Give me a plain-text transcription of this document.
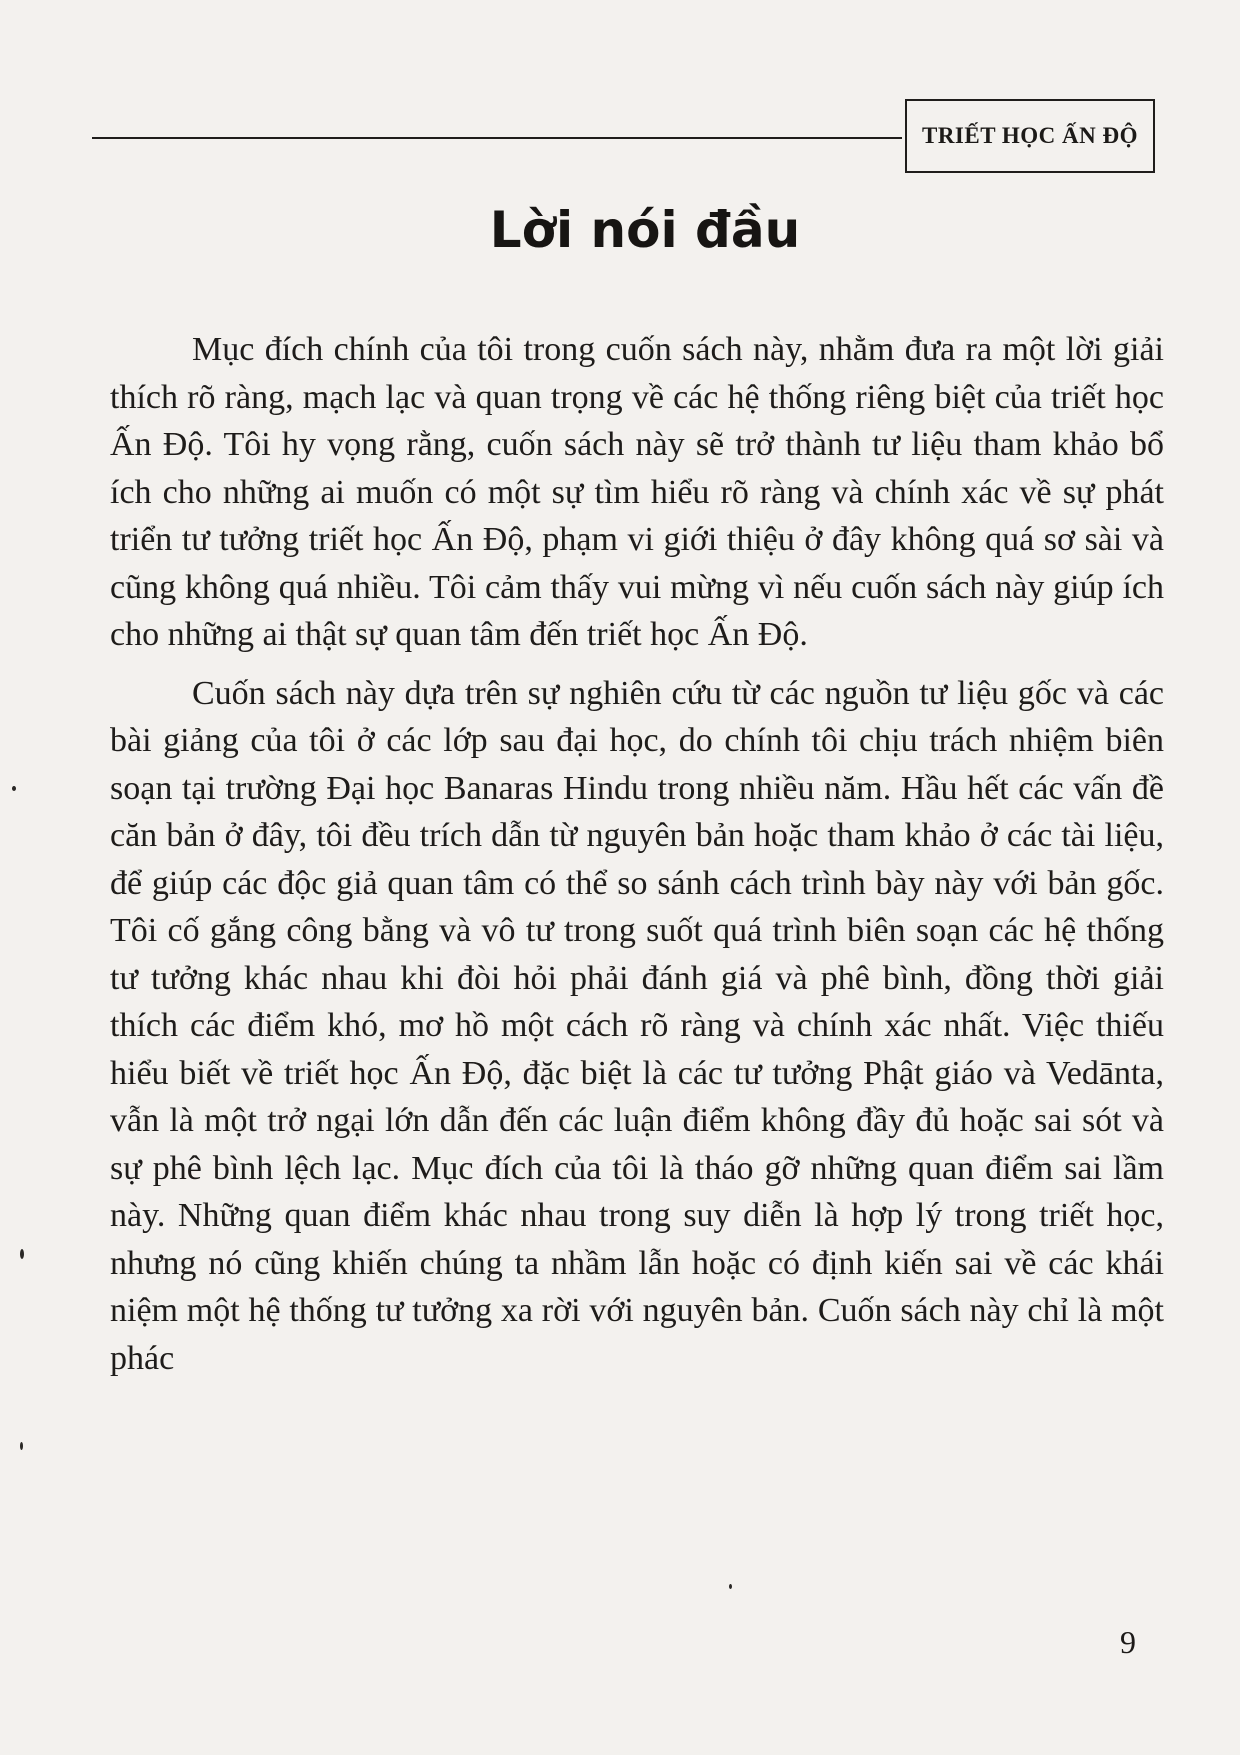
TRIẾT HỌC ẤN ĐỘ
Lời nói đầu

Mục đích chính của tôi trong cuốn sách này, nhằm đưa ra một lời giải thích rõ ràng, mạch lạc và quan trọng về các hệ thống riêng biệt của triết học Ấn Độ. Tôi hy vọng rằng, cuốn sách này sẽ trở thành tư liệu tham khảo bổ ích cho những ai muốn có một sự tìm hiểu rõ ràng và chính xác về sự phát triển tư tưởng triết học Ấn Độ, phạm vi giới thiệu ở đây không quá sơ sài và cũng không quá nhiều. Tôi cảm thấy vui mừng vì nếu cuốn sách này giúp ích cho những ai thật sự quan tâm đến triết học Ấn Độ.

Cuốn sách này dựa trên sự nghiên cứu từ các nguồn tư liệu gốc và các bài giảng của tôi ở các lớp sau đại học, do chính tôi chịu trách nhiệm biên soạn tại trường Đại học Banaras Hindu trong nhiều năm. Hầu hết các vấn đề căn bản ở đây, tôi đều trích dẫn từ nguyên bản hoặc tham khảo ở các tài liệu, để giúp các độc giả quan tâm có thể so sánh cách trình bày này với bản gốc. Tôi cố gắng công bằng và vô tư trong suốt quá trình biên soạn các hệ thống tư tưởng khác nhau khi đòi hỏi phải đánh giá và phê bình, đồng thời giải thích các điểm khó, mơ hồ một cách rõ ràng và chính xác nhất. Việc thiếu hiểu biết về triết học Ấn Độ, đặc biệt là các tư tưởng Phật giáo và Vedānta, vẫn là một trở ngại lớn dẫn đến các luận điểm không đầy đủ hoặc sai sót và sự phê bình lệch lạc. Mục đích của tôi là tháo gỡ những quan điểm sai lầm này. Những quan điểm khác nhau trong suy diễn là hợp lý trong triết học, nhưng nó cũng khiến chúng ta nhầm lẫn hoặc có định kiến sai về các khái niệm một hệ thống tư tưởng xa rời với nguyên bản. Cuốn sách này chỉ là một phác

9
